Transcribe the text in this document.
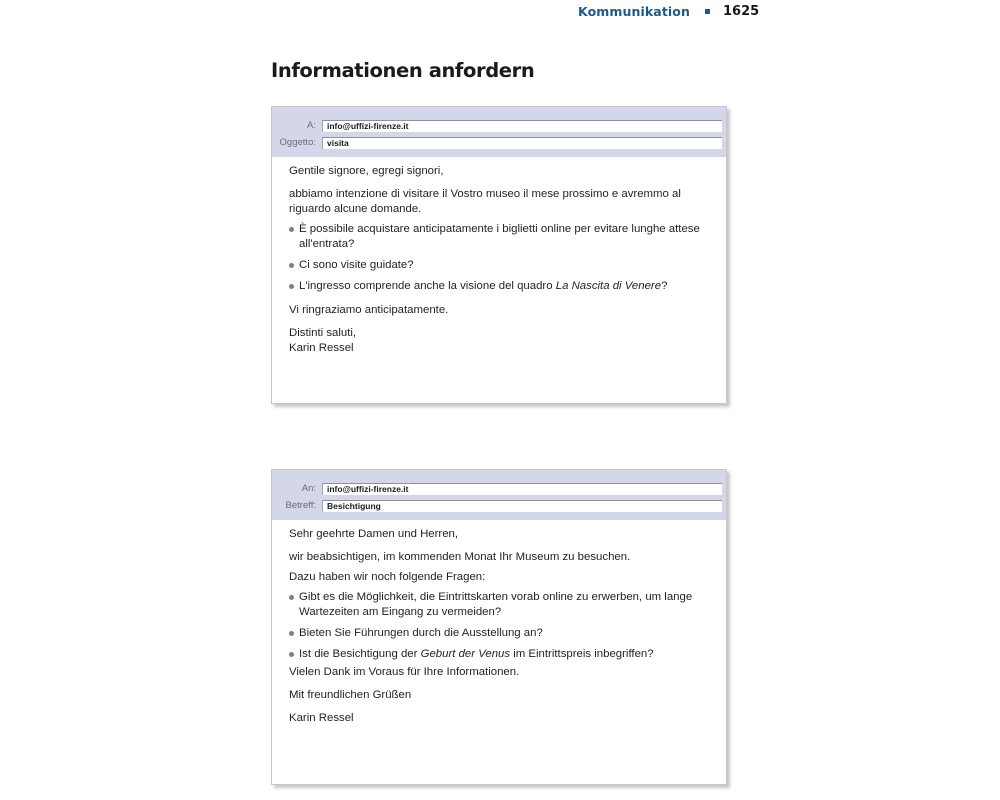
Kommunikation	1625
Informationen anfordern
A:	info@uffizi-firenze.it
Oggetto:	visita

Gentile signore, egregi signori,

abbiamo intenzione di visitare il Vostro museo il mese prossimo e avremmo al riguardo alcune domande.

È possibile acquistare anticipatamente i biglietti online per evitare lunghe attese all'entrata?
Ci sono visite guidate?
L'ingresso comprende anche la visione del quadro La Nascita di Venere?

Vi ringraziamo anticipatamente.

Distinti saluti,

Karin Ressel

An:	info@uffizi-firenze.it
Betreff:	Besichtigung

Sehr geehrte Damen und Herren,

wir beabsichtigen, im kommenden Monat Ihr Museum zu besuchen.

Dazu haben wir noch folgende Fragen:

Gibt es die Möglichkeit, die Eintrittskarten vorab online zu erwerben, um lange Wartezeiten am Eingang zu vermeiden?
Bieten Sie Führungen durch die Ausstellung an?
Ist die Besichtigung der Geburt der Venus im Eintrittspreis inbegriffen?

Vielen Dank im Voraus für Ihre Informationen.

Mit freundlichen Grüßen

Karin Ressel
